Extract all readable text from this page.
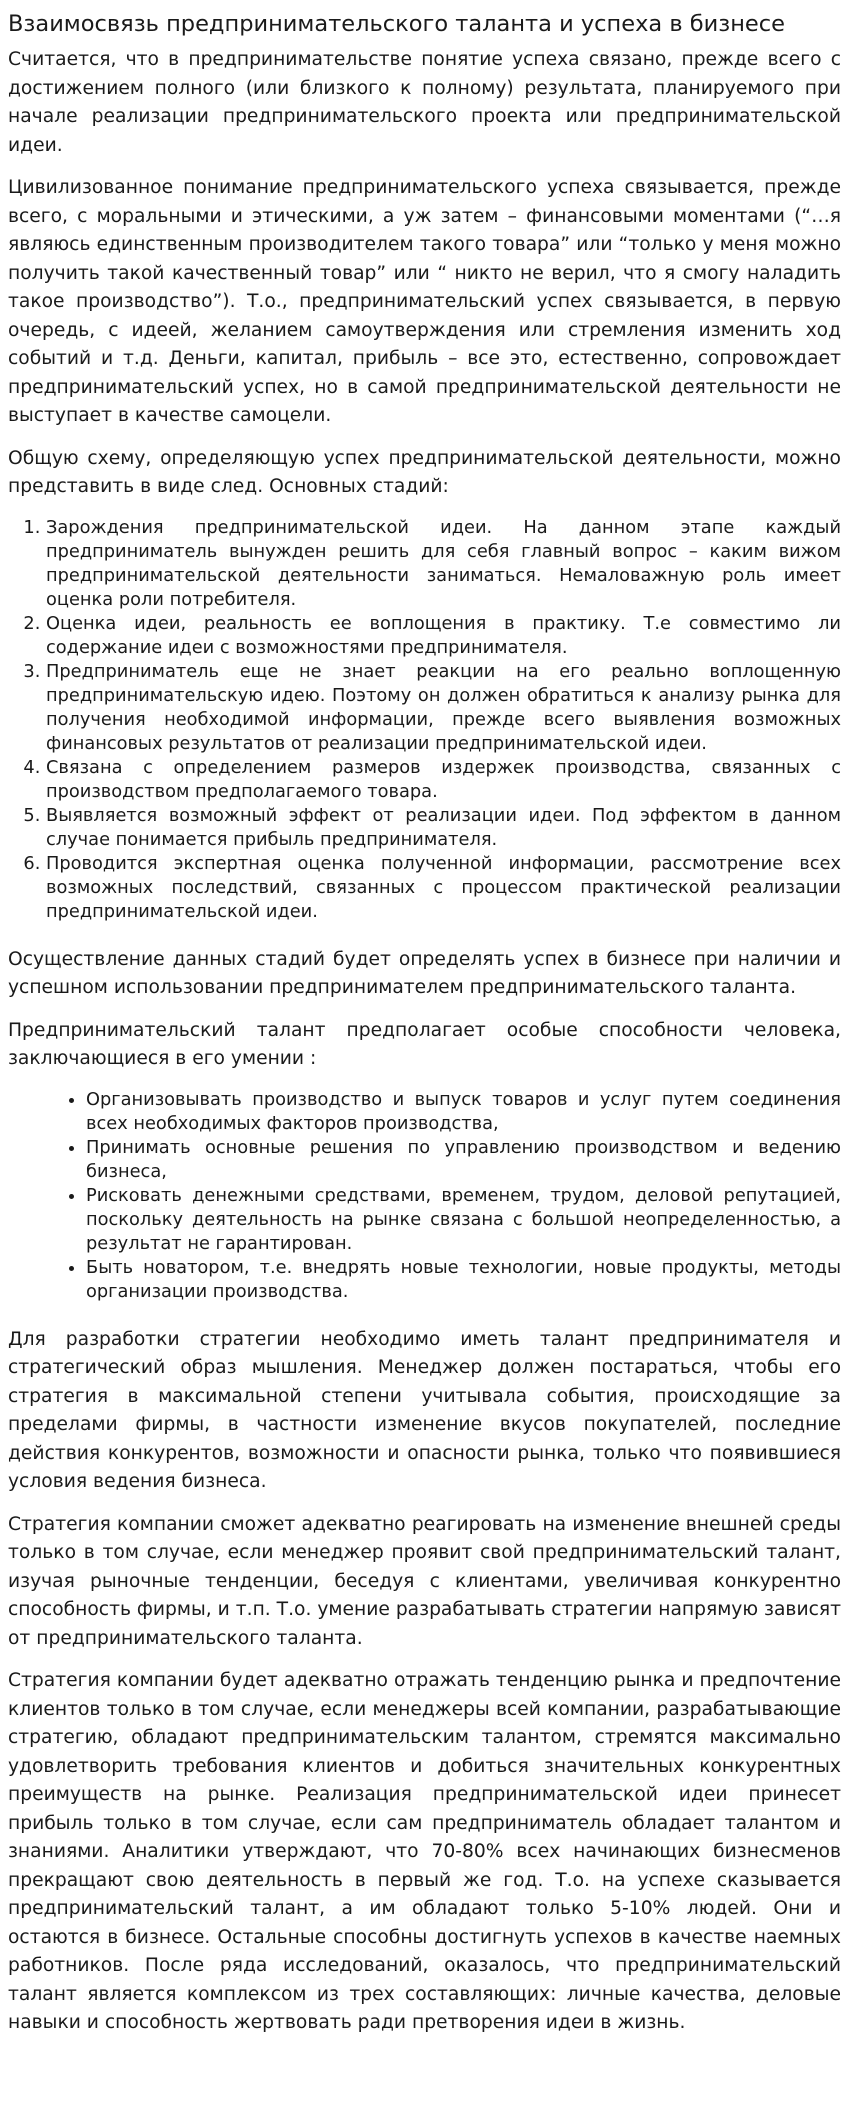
Взаимосвязь предпринимательского таланта и успеха в бизнесе

Считается, что в предпринимательстве понятие успеха связано, прежде всего с достижением полного (или близкого к полному) результата, планируемого при начале реализации предпринимательского проекта или предпринимательской идеи.

Цивилизованное понимание предпринимательского успеха связывается, прежде всего, с моральными и этическими, а уж затем – финансовыми моментами (“…я являюсь единственным производителем такого товара” или “только у меня можно получить такой качественный товар” или “ никто не верил, что я смогу наладить такое производство”). Т.о., предпринимательский успех связывается, в первую очередь, с идеей, желанием самоутверждения или стремления изменить ход событий и т.д. Деньги, капитал, прибыль – все это, естественно, сопровождает предпринимательский успех, но в самой предпринимательской деятельности не выступает в качестве самоцели.

Общую схему, определяющую успех предпринимательской деятельности, можно представить в виде след. Основных стадий:

1. Зарождения предпринимательской идеи. На данном этапе каждый предприниматель вынужден решить для себя главный вопрос – каким вижом предпринимательской деятельности заниматься. Немаловажную роль имеет оценка роли потребителя.
2. Оценка идеи, реальность ее воплощения в практику. Т.е совместимо ли содержание идеи с возможностями предпринимателя.
3. Предприниматель еще не знает реакции на его реально воплощенную предпринимательскую идею. Поэтому он должен обратиться к анализу рынка для получения необходимой информации, прежде всего выявления возможных финансовых результатов от реализации предпринимательской идеи.
4. Связана с определением размеров издержек производства, связанных с производством предполагаемого товара.
5. Выявляется возможный эффект от реализации идеи. Под эффектом в данном случае понимается прибыль предпринимателя.
6. Проводится экспертная оценка полученной информации, рассмотрение всех возможных последствий, связанных с процессом практической реализации предпринимательской идеи.

Осуществление данных стадий будет определять успех в бизнесе при наличии и успешном использовании предпринимателем предпринимательского таланта.

Предпринимательский талант предполагает особые способности человека, заключающиеся в его умении :

• Организовывать производство и выпуск товаров и услуг путем соединения всех необходимых факторов производства,
• Принимать основные решения по управлению производством и ведению бизнеса,
• Рисковать денежными средствами, временем, трудом, деловой репутацией, поскольку деятельность на рынке связана с большой неопределенностью, а результат не гарантирован.
• Быть новатором, т.е. внедрять новые технологии, новые продукты, методы организации производства.

Для разработки стратегии необходимо иметь талант предпринимателя и стратегический образ мышления. Менеджер должен постараться, чтобы его стратегия в максимальной степени учитывала события, происходящие за пределами фирмы, в частности изменение вкусов покупателей, последние действия конкурентов, возможности и опасности рынка, только что появившиеся условия ведения бизнеса.

Стратегия компании сможет адекватно реагировать на изменение внешней среды только в том случае, если менеджер проявит свой предпринимательский талант, изучая рыночные тенденции, беседуя с клиентами, увеличивая конкурентно способность фирмы, и т.п. Т.о. умение разрабатывать стратегии напрямую зависят от предпринимательского таланта.

Стратегия компании будет адекватно отражать тенденцию рынка и предпочтение клиентов только в том случае, если менеджеры всей компании, разрабатывающие стратегию, обладают предпринимательским талантом, стремятся максимально удовлетворить требования клиентов и добиться значительных конкурентных преимуществ на рынке. Реализация предпринимательской идеи принесет прибыль только в том случае, если сам предприниматель обладает талантом и знаниями. Аналитики утверждают, что 70-80% всех начинающих бизнесменов прекращают свою деятельность в первый же год. Т.о. на успехе сказывается предпринимательский талант, а им обладают только 5-10% людей. Они и остаются в бизнесе. Остальные способны достигнуть успехов в качестве наемных работников. После ряда исследований, оказалось, что предпринимательский талант является комплексом из трех составляющих: личные качества, деловые навыки и способность жертвовать ради претворения идеи в жизнь.
